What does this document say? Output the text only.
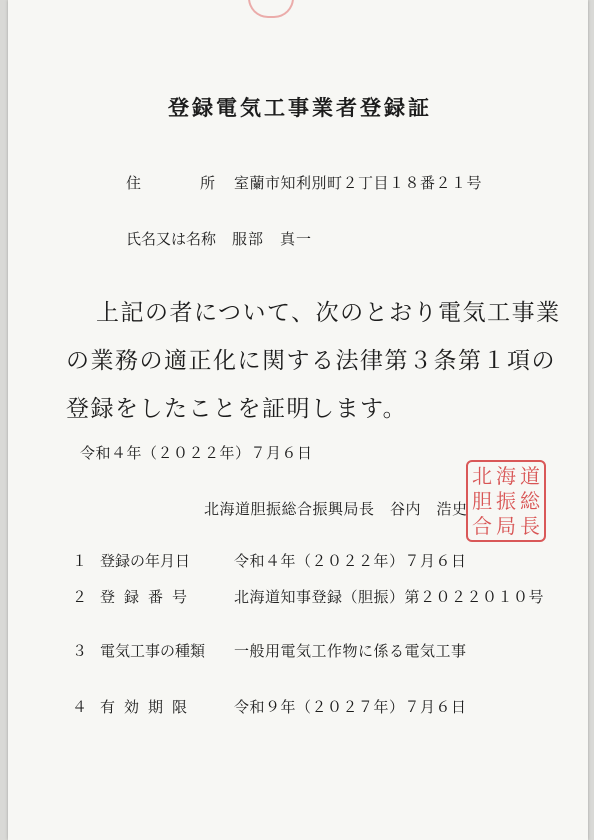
登録電気工事業者登録証
住	所 室蘭市知利別町２丁目１８番２１号
氏名又は名称 服部　真一
上記の者について、次のとおり電気工事業
の業務の適正化に関する法律第３条第１項の
登録をしたことを証明します。
令和４年（２０２２年）７月６日
北海道胆振総合振興局長　谷内　浩史
北 海 道
胆 振 総
合 局 長
１ 登録の年月日	令和４年（２０２２年）７月６日
２ 登録番号	北海道知事登録（胆振）第２０２２０１０号
３ 電気工事の種類 一般用電気工作物に係る電気工事
４ 有効期限	令和９年（２０２７年）７月６日
